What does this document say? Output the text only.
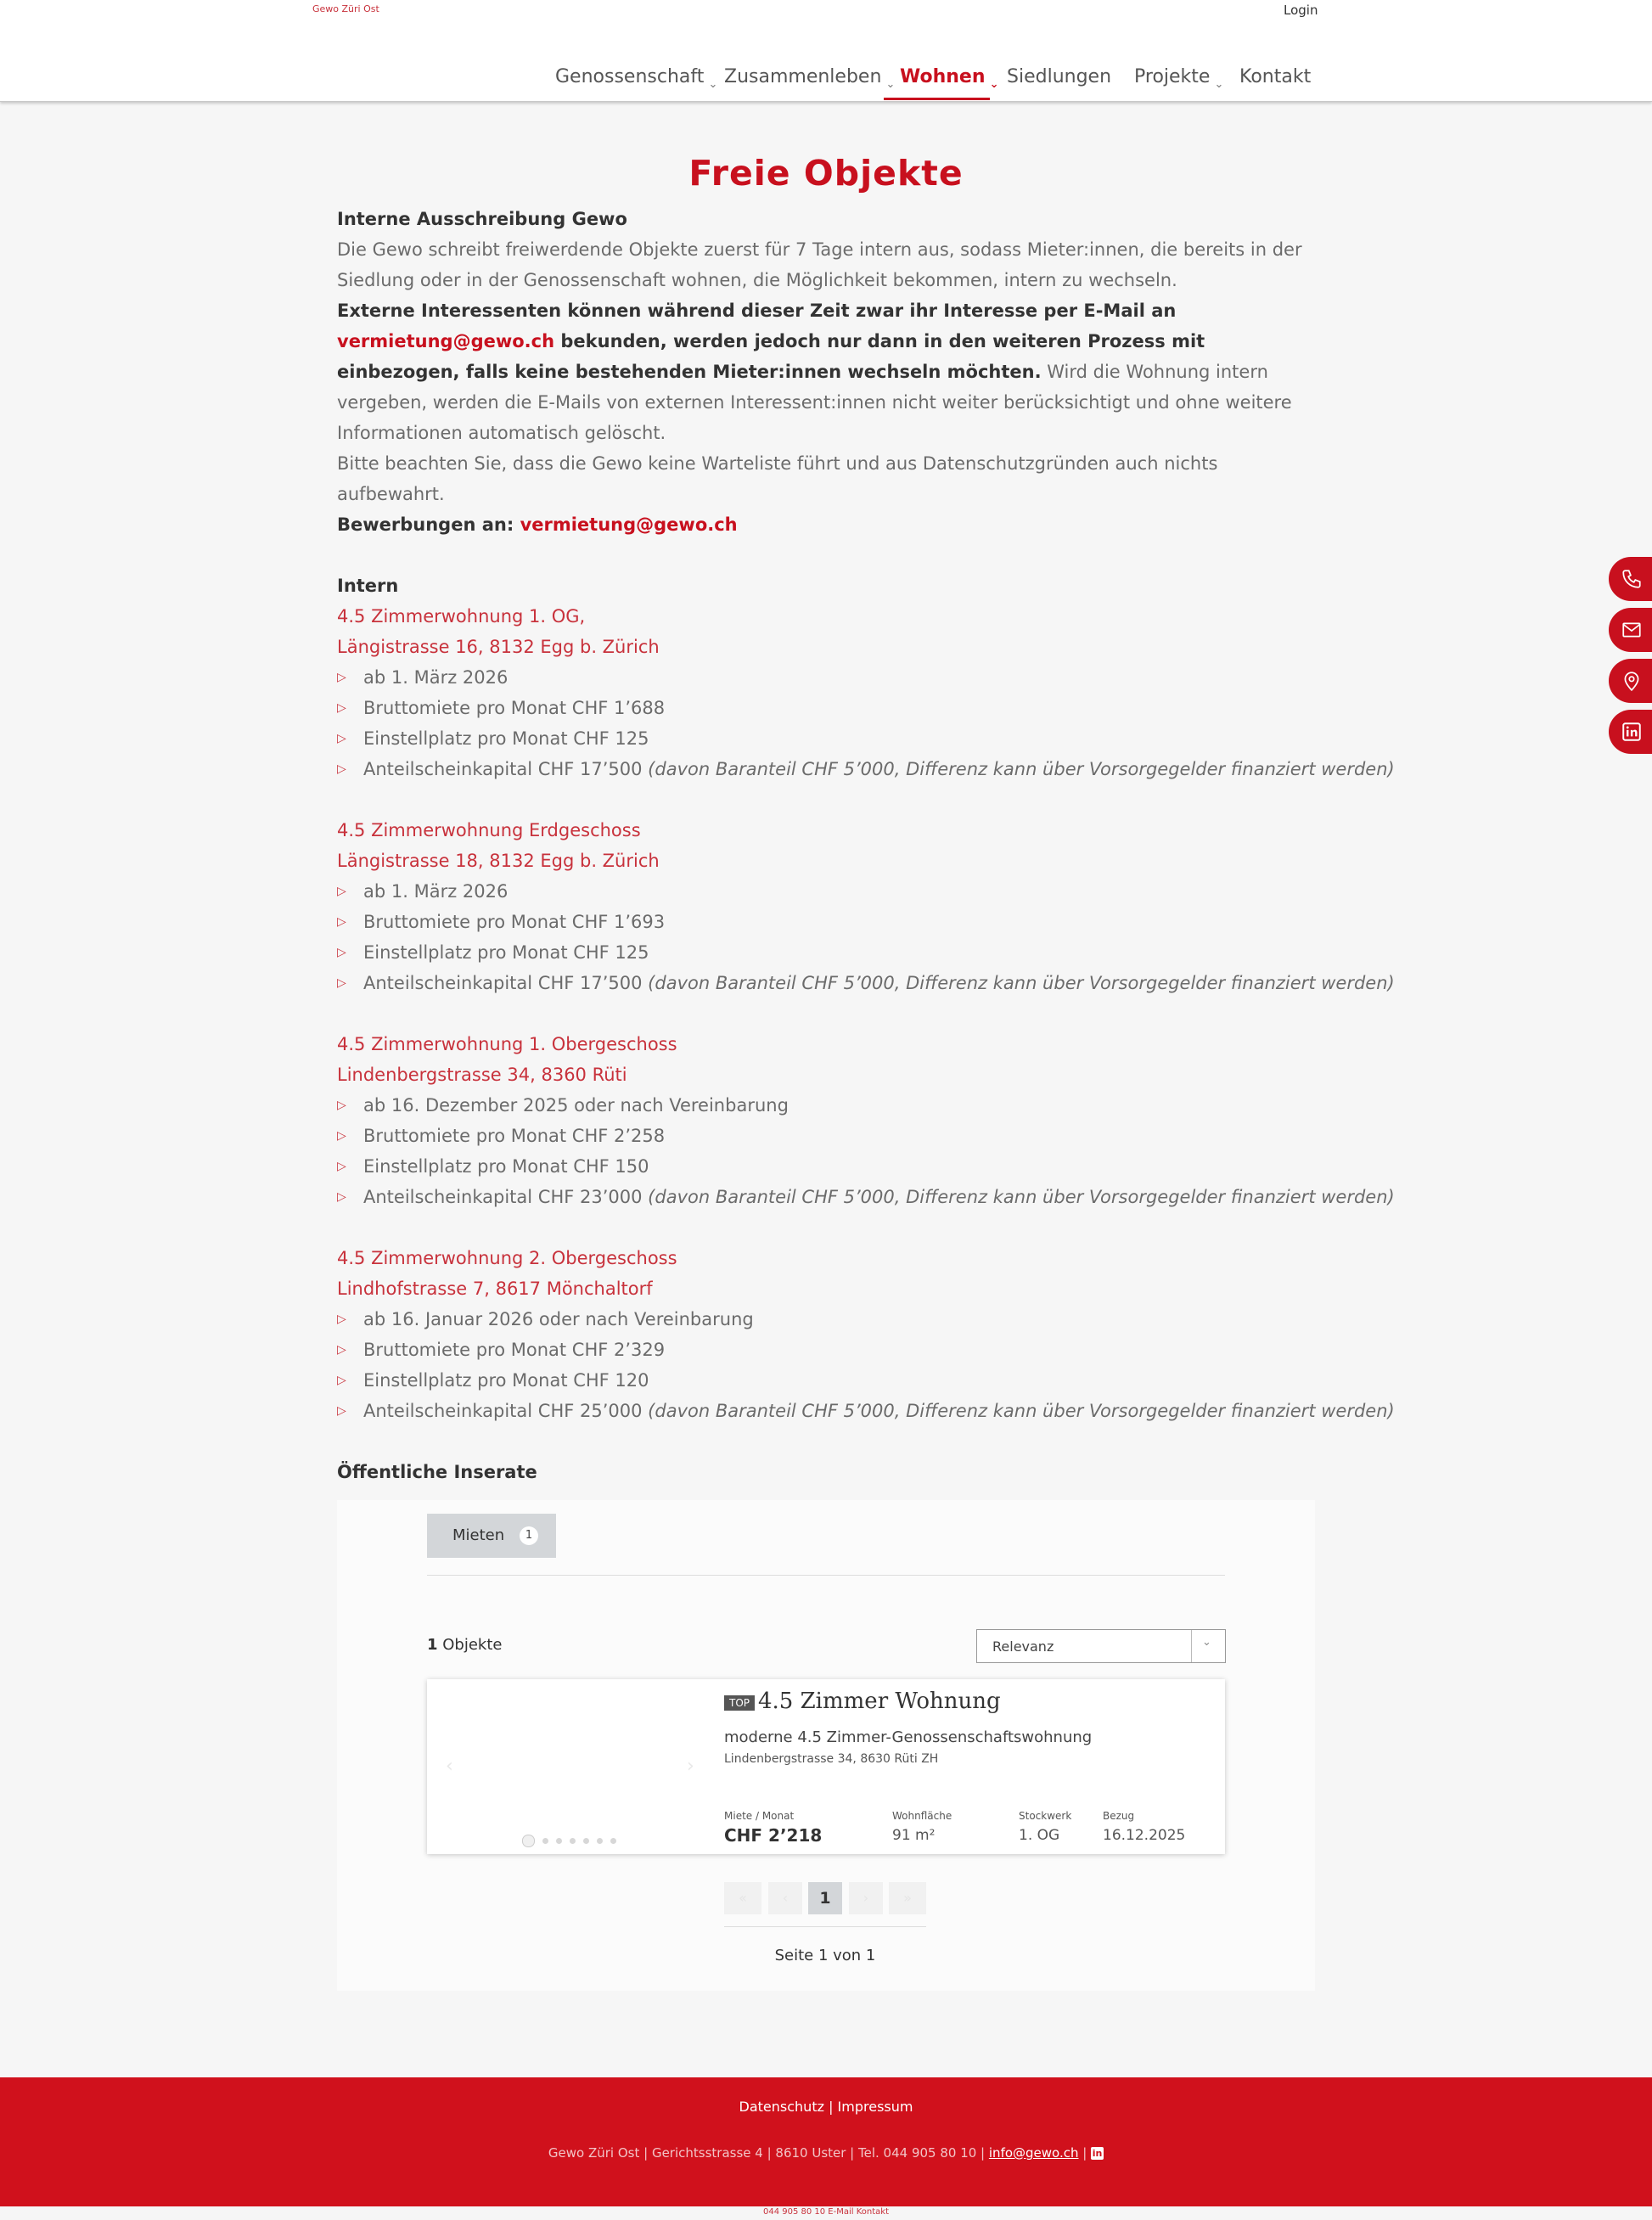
Gewo Züri Ost	Login
Genossenschaft ⌄ Zusammenleben ⌄ Wohnen ⌄ Siedlungen Projekte ⌄ Kontakt
Freie Objekte

Interne Ausschreibung Gewo

Die Gewo schreibt freiwerdende Objekte zuerst für 7 Tage intern aus, sodass Mieter:innen, die bereits in der Siedlung oder in der Genossenschaft wohnen, die Möglichkeit bekommen, intern zu wechseln.

Externe Interessenten können während dieser Zeit zwar ihr Interesse per E-Mail an vermietung@gewo.ch bekunden, werden jedoch nur dann in den weiteren Prozess mit einbezogen, falls keine bestehenden Mieter:innen wechseln möchten. Wird die Wohnung intern vergeben, werden die E-Mails von externen Interessent:innen nicht weiter berücksichtigt und ohne weitere Informationen automatisch gelöscht.

Bitte beachten Sie, dass die Gewo keine Warteliste führt und aus Datenschutzgründen auch nichts aufbewahrt.

Bewerbungen an: vermietung@gewo.ch

Intern

4.5 Zimmerwohnung 1. OG,

Längistrasse 16, 8132 Egg b. Zürich

▷ ab 1. März 2026
▷ Bruttomiete pro Monat CHF 1’688
▷ Einstellplatz pro Monat CHF 125
▷ Anteilscheinkapital CHF 17’500 (davon Baranteil CHF 5’000, Differenz kann über Vorsorgegelder finanziert werden)

4.5 Zimmerwohnung Erdgeschoss

Längistrasse 18, 8132 Egg b. Zürich

▷ ab 1. März 2026
▷ Bruttomiete pro Monat CHF 1’693
▷ Einstellplatz pro Monat CHF 125
▷ Anteilscheinkapital CHF 17’500 (davon Baranteil CHF 5’000, Differenz kann über Vorsorgegelder finanziert werden)

4.5 Zimmerwohnung 1. Obergeschoss

Lindenbergstrasse 34, 8360 Rüti

▷ ab 16. Dezember 2025 oder nach Vereinbarung
▷ Bruttomiete pro Monat CHF 2’258
▷ Einstellplatz pro Monat CHF 150
▷ Anteilscheinkapital CHF 23’000 (davon Baranteil CHF 5’000, Differenz kann über Vorsorgegelder finanziert werden)

4.5 Zimmerwohnung 2. Obergeschoss

Lindhofstrasse 7, 8617 Mönchaltorf

▷ ab 16. Januar 2026 oder nach Vereinbarung
▷ Bruttomiete pro Monat CHF 2’329
▷ Einstellplatz pro Monat CHF 120
▷ Anteilscheinkapital CHF 25’000 (davon Baranteil CHF 5’000, Differenz kann über Vorsorgegelder finanziert werden)

Öffentliche Inserate

Mieten	1
1 Objekte	Relevanz	⌄
‹	›
TOP 4.5 Zimmer Wohnung
moderne 4.5 Zimmer-Genossenschaftswohnung
Lindenbergstrasse 34, 8630 Rüti ZH
Miete / Monat
CHF 2’218
Wohnfläche
91 m²
Stockwerk
1. OG
Bezug
16.12.2025
«	‹	1	›	»
Seite 1 von 1
Datenschutz | Impressum
Gewo Züri Ost | Gerichtsstrasse 4 | 8610 Uster | Tel. 044 905 80 10 | info@gewo.ch | in
044 905 80 10 E-Mail Kontakt
